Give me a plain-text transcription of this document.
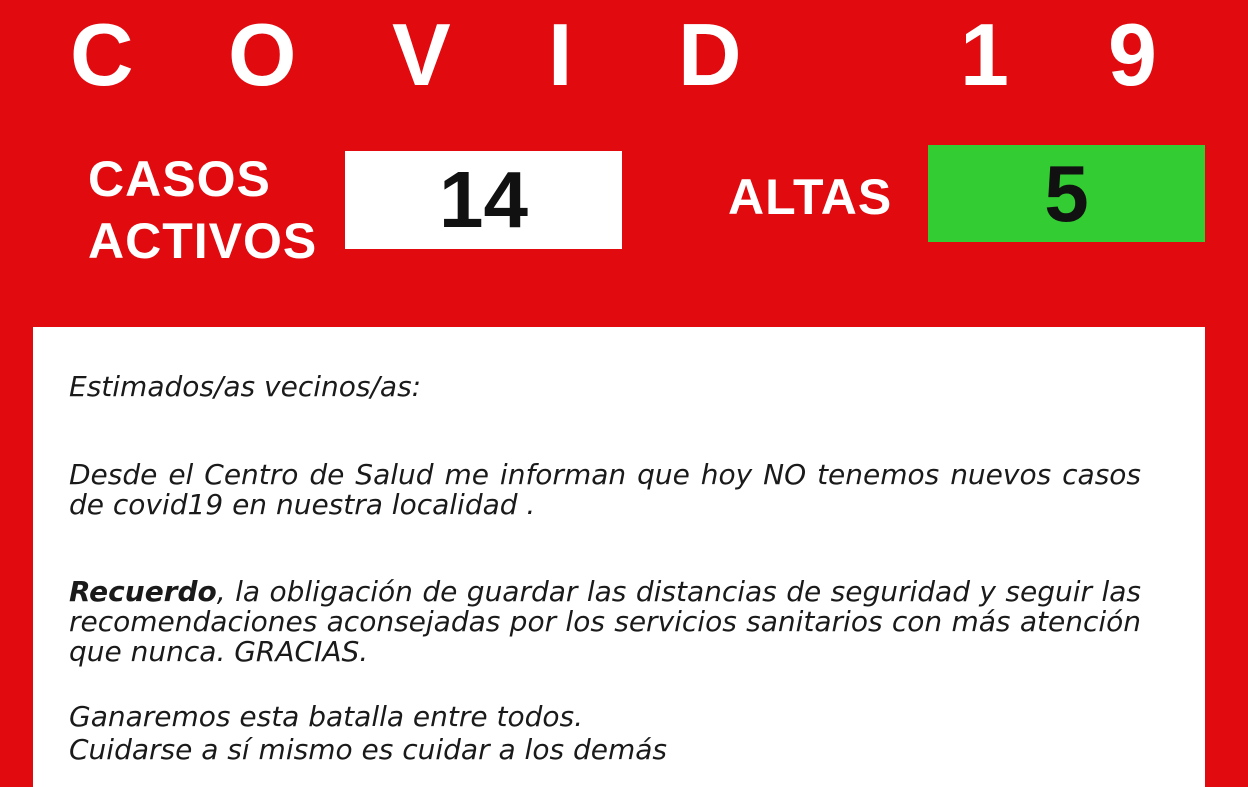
C O V I D 1 9
CASOS
ACTIVOS 14	ALTAS 5

Estimados/as vecinos/as:

Desde el Centro de Salud me informan que hoy NO tenemos nuevos casos de covid19 en nuestra localidad .

Recuerdo, la obligación de guardar las distancias de seguridad y seguir las recomendaciones aconsejadas por los servicios sanitarios con más atención que nunca. GRACIAS.

Ganaremos esta batalla entre todos.

Cuidarse a sí mismo es cuidar a los demás
